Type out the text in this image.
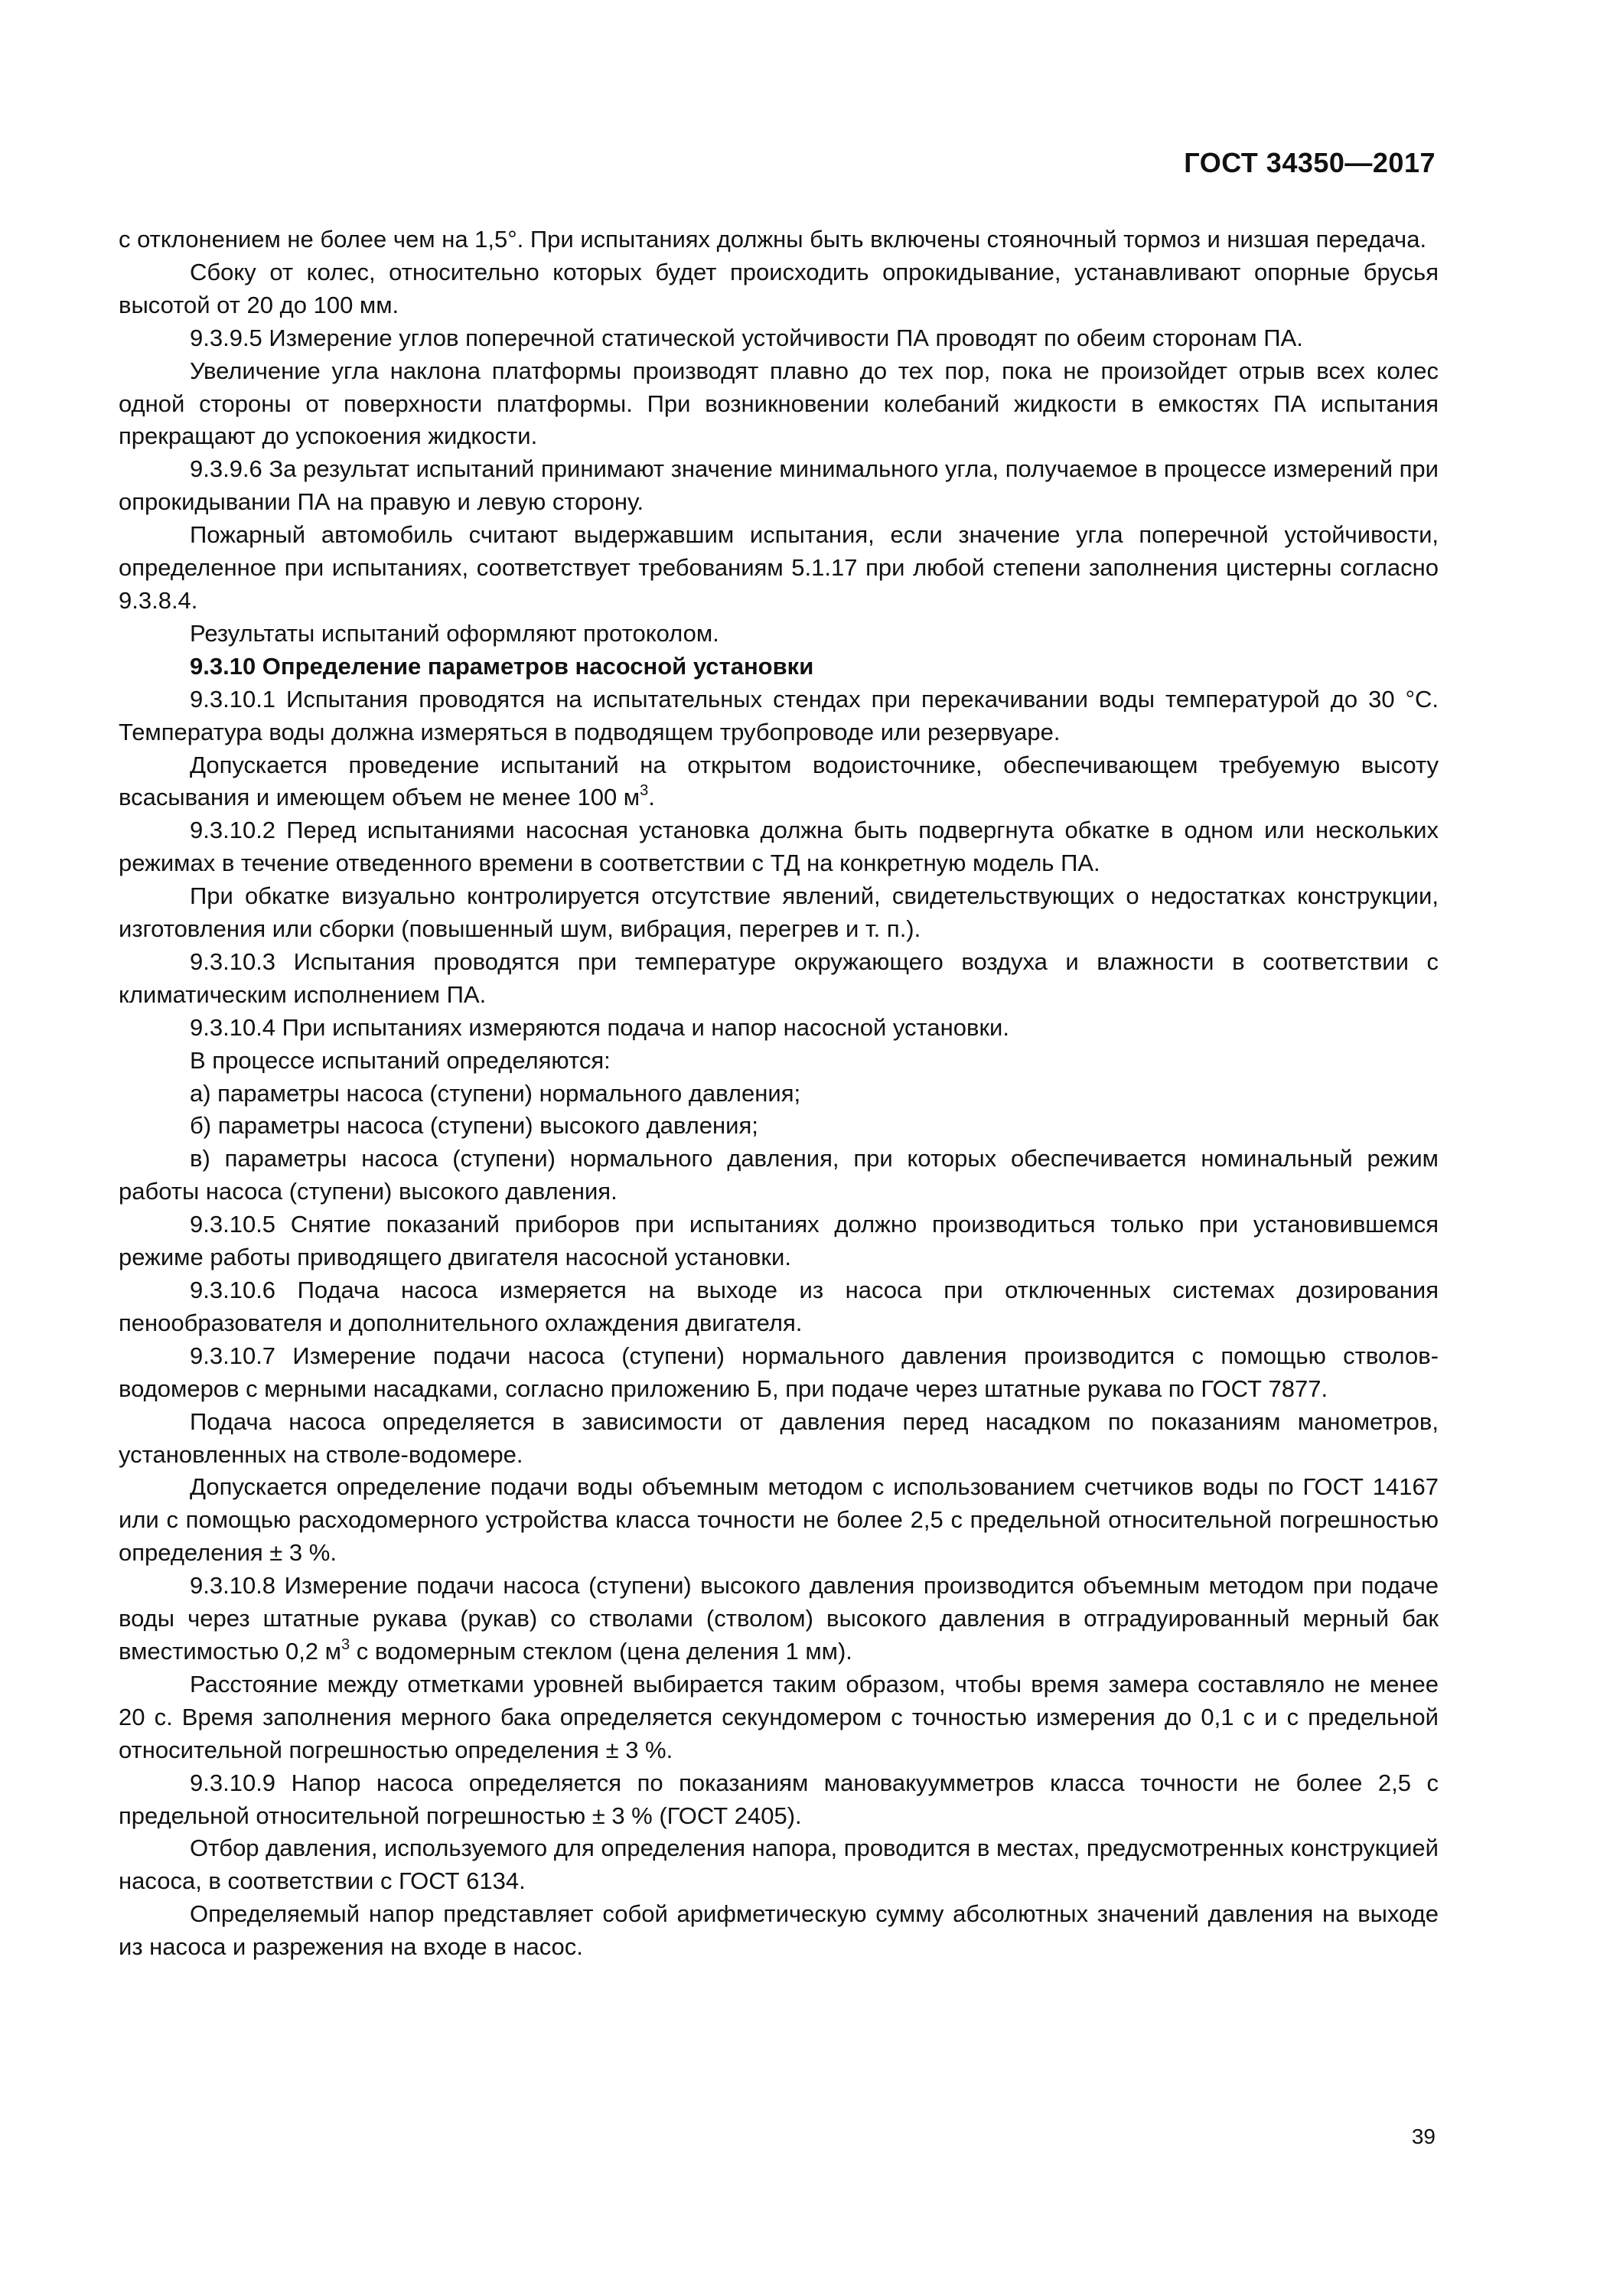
ГОСТ 34350—2017

с отклонением не более чем на 1,5°. При испытаниях должны быть включены стояночный тормоз и низшая передача.

Сбоку от колес, относительно которых будет происходить опрокидывание, устанавливают опорные брусья высотой от 20 до 100 мм.

9.3.9.5 Измерение углов поперечной статической устойчивости ПА проводят по обеим сторонам ПА.

Увеличение угла наклона платформы производят плавно до тех пор, пока не произойдет отрыв всех колес одной стороны от поверхности платформы. При возникновении колебаний жидкости в емкостях ПА испытания прекращают до успокоения жидкости.

9.3.9.6 За результат испытаний принимают значение минимального угла, получаемое в процессе измерений при опрокидывании ПА на правую и левую сторону.

Пожарный автомобиль считают выдержавшим испытания, если значение угла поперечной устойчивости, определенное при испытаниях, соответствует требованиям 5.1.17 при любой степени заполнения цистерны согласно 9.3.8.4.

Результаты испытаний оформляют протоколом.

9.3.10 Определение параметров насосной установки

9.3.10.1 Испытания проводятся на испытательных стендах при перекачивании воды температурой до 30 °С. Температура воды должна измеряться в подводящем трубопроводе или резервуаре.

Допускается проведение испытаний на открытом водоисточнике, обеспечивающем требуемую высоту всасывания и имеющем объем не менее 100 $м^3$.

9.3.10.2 Перед испытаниями насосная установка должна быть подвергнута обкатке в одном или нескольких режимах в течение отведенного времени в соответствии с ТД на конкретную модель ПА.

При обкатке визуально контролируется отсутствие явлений, свидетельствующих о недостатках конструкции, изготовления или сборки (повышенный шум, вибрация, перегрев и т. п.).

9.3.10.3 Испытания проводятся при температуре окружающего воздуха и влажности в соответствии с климатическим исполнением ПА.

9.3.10.4 При испытаниях измеряются подача и напор насосной установки.

В процессе испытаний определяются:

а) параметры насоса (ступени) нормального давления;

б) параметры насоса (ступени) высокого давления;

в) параметры насоса (ступени) нормального давления, при которых обеспечивается номинальный режим работы насоса (ступени) высокого давления.

9.3.10.5 Снятие показаний приборов при испытаниях должно производиться только при установившемся режиме работы приводящего двигателя насосной установки.

9.3.10.6 Подача насоса измеряется на выходе из насоса при отключенных системах дозирования пенообразователя и дополнительного охлаждения двигателя.

9.3.10.7 Измерение подачи насоса (ступени) нормального давления производится с помощью стволов-водомеров с мерными насадками, согласно приложению Б, при подаче через штатные рукава по ГОСТ 7877.

Подача насоса определяется в зависимости от давления перед насадком по показаниям манометров, установленных на стволе-водомере.

Допускается определение подачи воды объемным методом с использованием счетчиков воды по ГОСТ 14167 или с помощью расходомерного устройства класса точности не более 2,5 с предельной относительной погрешностью определения ± 3 %.

9.3.10.8 Измерение подачи насоса (ступени) высокого давления производится объемным методом при подаче воды через штатные рукава (рукав) со стволами (стволом) высокого давления в отградуированный мерный бак вместимостью 0,2 $м^3$ с водомерным стеклом (цена деления 1 мм).

Расстояние между отметками уровней выбирается таким образом, чтобы время замера составляло не менее 20 с. Время заполнения мерного бака определяется секундомером с точностью измерения до 0,1 с и с предельной относительной погрешностью определения ± 3 %.

9.3.10.9 Напор насоса определяется по показаниям мановакуумметров класса точности не более 2,5 с предельной относительной погрешностью ± 3 % (ГОСТ 2405).

Отбор давления, используемого для определения напора, проводится в местах, предусмотренных конструкцией насоса, в соответствии с ГОСТ 6134.

Определяемый напор представляет собой арифметическую сумму абсолютных значений давления на выходе из насоса и разрежения на входе в насос.

39
